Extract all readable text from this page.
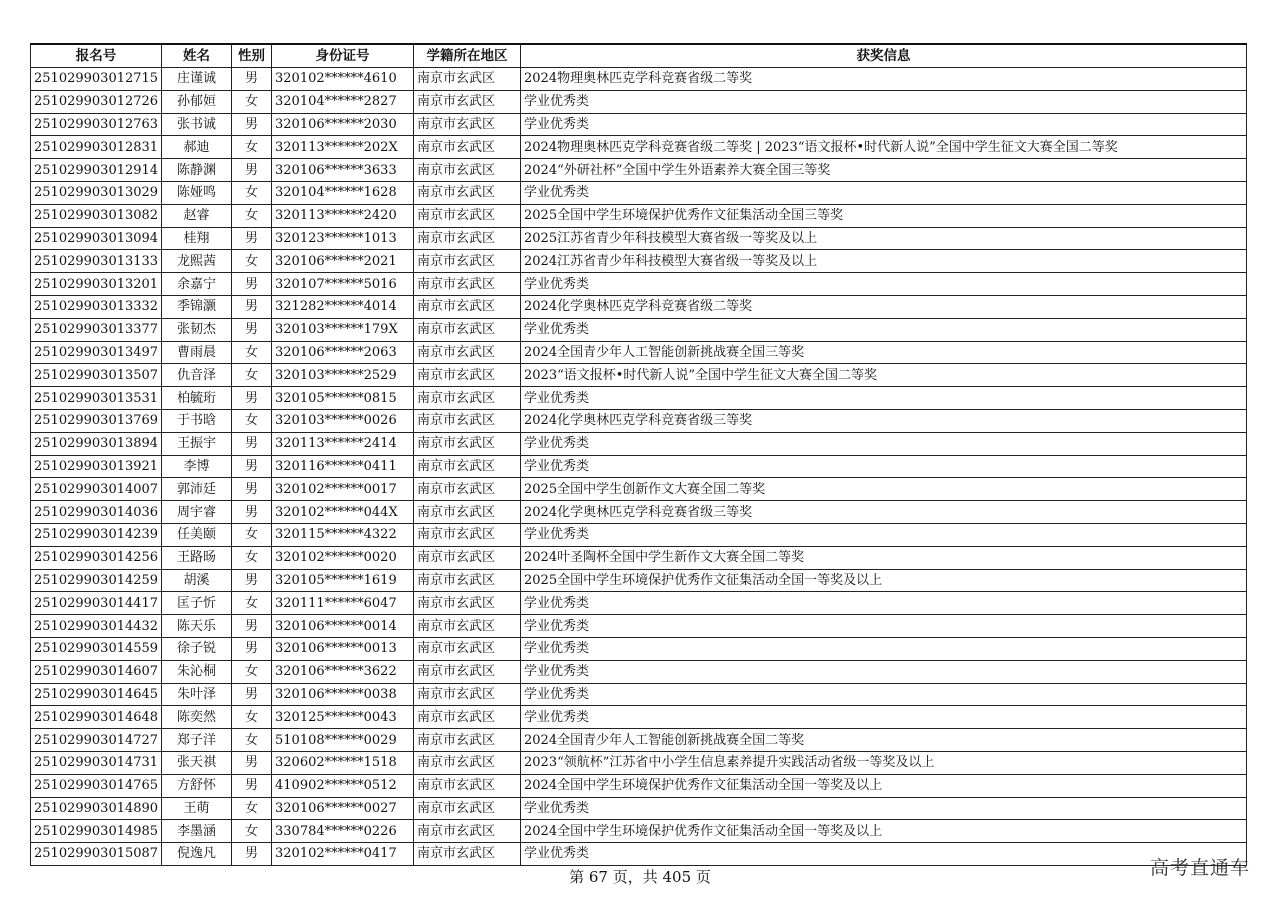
报名号	姓名	性别	身份证号	学籍所在地区	获奖信息
251029903012715	庄谨诚	男	320102******4610	南京市玄武区	2024物理奥林匹克学科竞赛省级二等奖
251029903012726	孙郁姮	女	320104******2827	南京市玄武区	学业优秀类
251029903012763	张书诚	男	320106******2030	南京市玄武区	学业优秀类
251029903012831	郝迪	女	320113******202X	南京市玄武区	2024物理奥林匹克学科竞赛省级二等奖 | 2023“语文报杯•时代新人说”全国中学生征文大赛全国二等奖
251029903012914	陈静渊	男	320106******3633	南京市玄武区	2024“外研社杯”全国中学生外语素养大赛全国三等奖
251029903013029	陈娅鸣	女	320104******1628	南京市玄武区	学业优秀类
251029903013082	赵睿	女	320113******2420	南京市玄武区	2025全国中学生环境保护优秀作文征集活动全国三等奖
251029903013094	桂翔	男	320123******1013	南京市玄武区	2025江苏省青少年科技模型大赛省级一等奖及以上
251029903013133	龙熙茜	女	320106******2021	南京市玄武区	2024江苏省青少年科技模型大赛省级一等奖及以上
251029903013201	余嘉宁	男	320107******5016	南京市玄武区	学业优秀类
251029903013332	季锦灏	男	321282******4014	南京市玄武区	2024化学奥林匹克学科竞赛省级二等奖
251029903013377	张韧杰	男	320103******179X	南京市玄武区	学业优秀类
251029903013497	曹雨晨	女	320106******2063	南京市玄武区	2024全国青少年人工智能创新挑战赛全国三等奖
251029903013507	仇音泽	女	320103******2529	南京市玄武区	2023“语文报杯•时代新人说”全国中学生征文大赛全国二等奖
251029903013531	柏毓珩	男	320105******0815	南京市玄武区	学业优秀类
251029903013769	于书晗	女	320103******0026	南京市玄武区	2024化学奥林匹克学科竞赛省级三等奖
251029903013894	王振宇	男	320113******2414	南京市玄武区	学业优秀类
251029903013921	李博	男	320116******0411	南京市玄武区	学业优秀类
251029903014007	郭沛廷	男	320102******0017	南京市玄武区	2025全国中学生创新作文大赛全国二等奖
251029903014036	周宇睿	男	320102******044X	南京市玄武区	2024化学奥林匹克学科竞赛省级三等奖
251029903014239	任美颐	女	320115******4322	南京市玄武区	学业优秀类
251029903014256	王路旸	女	320102******0020	南京市玄武区	2024叶圣陶杯全国中学生新作文大赛全国二等奖
251029903014259	胡溪	男	320105******1619	南京市玄武区	2025全国中学生环境保护优秀作文征集活动全国一等奖及以上
251029903014417	匡子忻	女	320111******6047	南京市玄武区	学业优秀类
251029903014432	陈天乐	男	320106******0014	南京市玄武区	学业优秀类
251029903014559	徐子锐	男	320106******0013	南京市玄武区	学业优秀类
251029903014607	朱沁桐	女	320106******3622	南京市玄武区	学业优秀类
251029903014645	朱叶泽	男	320106******0038	南京市玄武区	学业优秀类
251029903014648	陈奕然	女	320125******0043	南京市玄武区	学业优秀类
251029903014727	郑子洋	女	510108******0029	南京市玄武区	2024全国青少年人工智能创新挑战赛全国二等奖
251029903014731	张天祺	男	320602******1518	南京市玄武区	2023“领航杯”江苏省中小学生信息素养提升实践活动省级一等奖及以上
251029903014765	方舒怀	男	410902******0512	南京市玄武区	2024全国中学生环境保护优秀作文征集活动全国一等奖及以上
251029903014890	王萌	女	320106******0027	南京市玄武区	学业优秀类
251029903014985	李墨涵	女	330784******0226	南京市玄武区	2024全国中学生环境保护优秀作文征集活动全国一等奖及以上
251029903015087	倪逸凡	男	320102******0417	南京市玄武区	学业优秀类
第 67 页，共 405 页	高考直通车
